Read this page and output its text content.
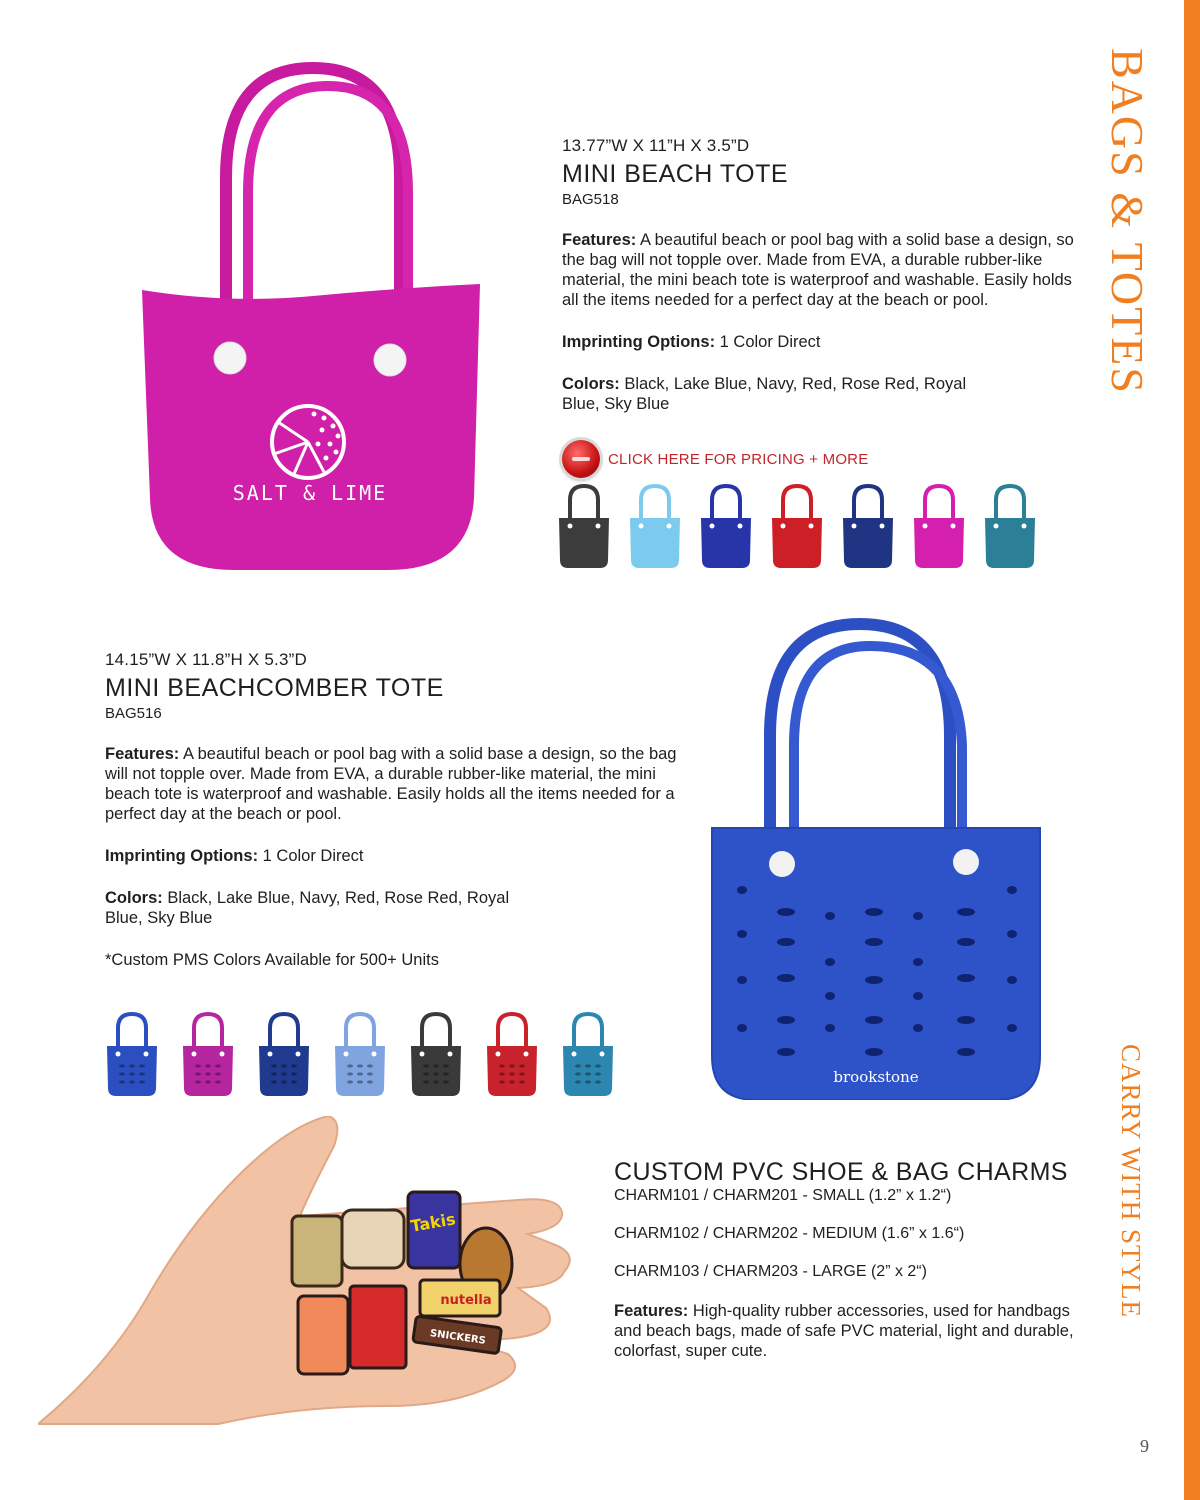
BAGS & TOTES
CARRY WITH STYLE
SALT & LIME
13.77”W X 11”H X 3.5”D
MINI BEACH TOTE
BAG518
Features: A beautiful beach or pool bag with a solid base a design, so the bag will not topple over. Made from EVA, a durable rubber-like material, the mini beach tote is waterproof and washable. Easily holds all the items needed for a perfect day at the beach or pool.
Imprinting Options: 1 Color Direct
Colors: Black, Lake Blue, Navy, Red, Rose Red, Royal Blue, Sky Blue
CLICK HERE FOR PRICING + MORE
14.15”W X 11.8”H X 5.3”D
MINI BEACHCOMBER TOTE
BAG516
Features: A beautiful beach or pool bag with a solid base a design, so the bag will not topple over. Made from EVA, a durable rubber-like material, the mini beach tote is waterproof and washable. Easily holds all the items needed for a perfect day at the beach or pool.
Imprinting Options: 1 Color Direct
Colors: Black, Lake Blue, Navy, Red, Rose Red, Royal Blue, Sky Blue
*Custom PMS Colors Available for 500+ Units
brookstone
Takis
nutella
SNICKERS
CUSTOM PVC SHOE & BAG CHARMS
CHARM101 / CHARM201 - SMALL (1.2” x 1.2“)
CHARM102 / CHARM202 - MEDIUM (1.6” x 1.6“)
CHARM103 / CHARM203 - LARGE (2” x 2“)
Features: High-quality rubber accessories, used for handbags and beach bags, made of safe PVC material, light and durable, colorfast, super cute.
9
